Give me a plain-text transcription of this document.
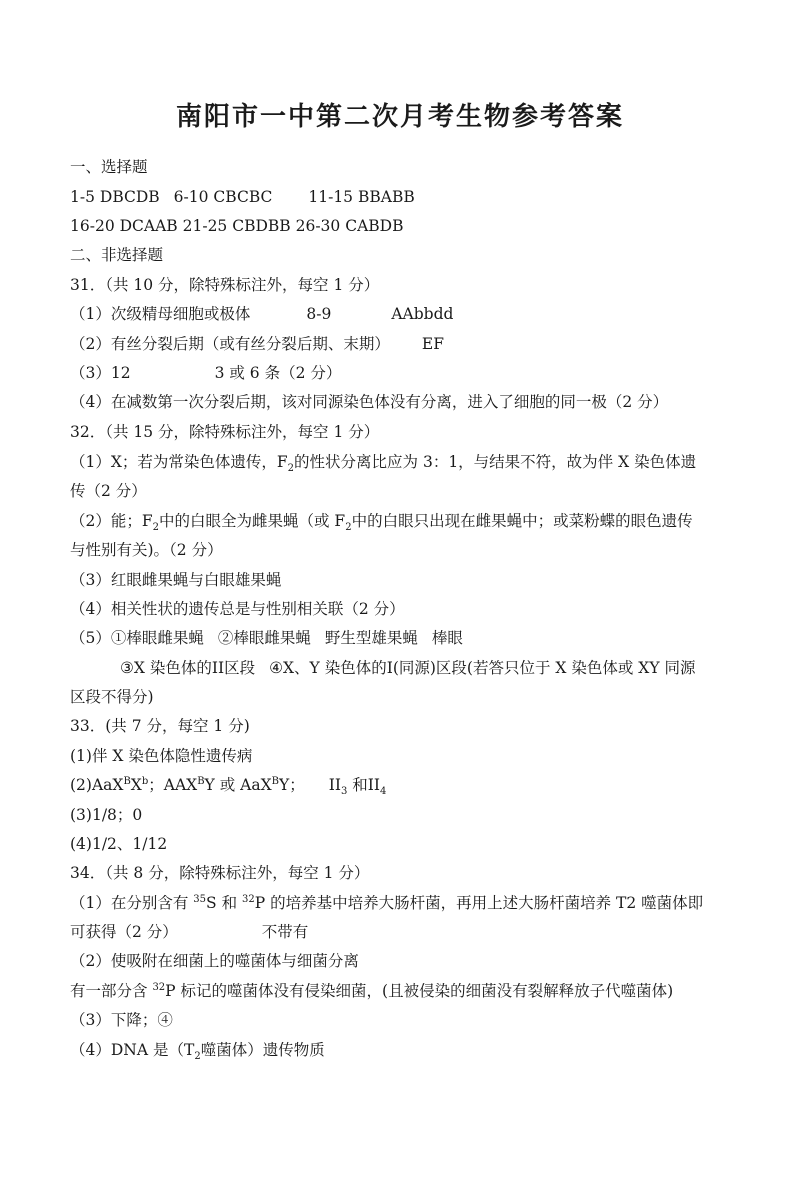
南阳市一中第二次月考生物参考答案
一、选择题
1-5 DBCDB 6-10 CBCBC 11-15 BBABB
16-20 DCAAB 21-25 CBDBB 26-30 CABDB
二、非选择题
31．（共 10 分，除特殊标注外，每空 1 分）
（1）次级精母细胞或极体	8-9	AAbbdd
（2）有丝分裂后期（或有丝分裂后期、末期） EF
（3）12	3 或 6 条（2 分）
（4）在减数第一次分裂后期，该对同源染色体没有分离，进入了细胞的同一极（2 分）
32．（共 15 分，除特殊标注外，每空 1 分）
（1）X；若为常染色体遗传，$F_2$的性状分离比应为 3：1，与结果不符，故为伴 X 染色体遗
传（2 分）
（2）能；$F_2$中的白眼全为雌果蝇（或 $F_2$中的白眼只出现在雌果蝇中；或菜粉蝶的眼色遗传
与性别有关)。（2 分）
（3）红眼雌果蝇与白眼雄果蝇
（4）相关性状的遗传总是与性别相关联（2 分）
（5）①棒眼雌果蝇 ②棒眼雌果蝇 野生型雄果蝇 棒眼
③X 染色体的II区段 ④X、Y 染色体的I(同源)区段(若答只位于 X 染色体或 XY 同源
区段不得分)
33．(共 7 分，每空 1 分)
(1)伴 X 染色体隐性遗传病
$(2)AaX^BX^b$；$AAX^BY$ 或 AaX$^B$Y； $II_3$ 和$II_4$
(3)1/8；0
(4)1/2、1/12
34．（共 8 分，除特殊标注外，每空 1 分）
（1）在分别含有 $^{35}$S 和 $^{32}$P 的培养基中培养大肠杆菌，再用上述大肠杆菌培养 T2 噬菌体即
可获得（2 分）	不带有
（2）使吸附在细菌上的噬菌体与细菌分离
有一部分含 $^{32}$P 标记的噬菌体没有侵染细菌，(且被侵染的细菌没有裂解释放子代噬菌体)
（3）下降；④
（4）DNA 是（$T_2$噬菌体）遗传物质
